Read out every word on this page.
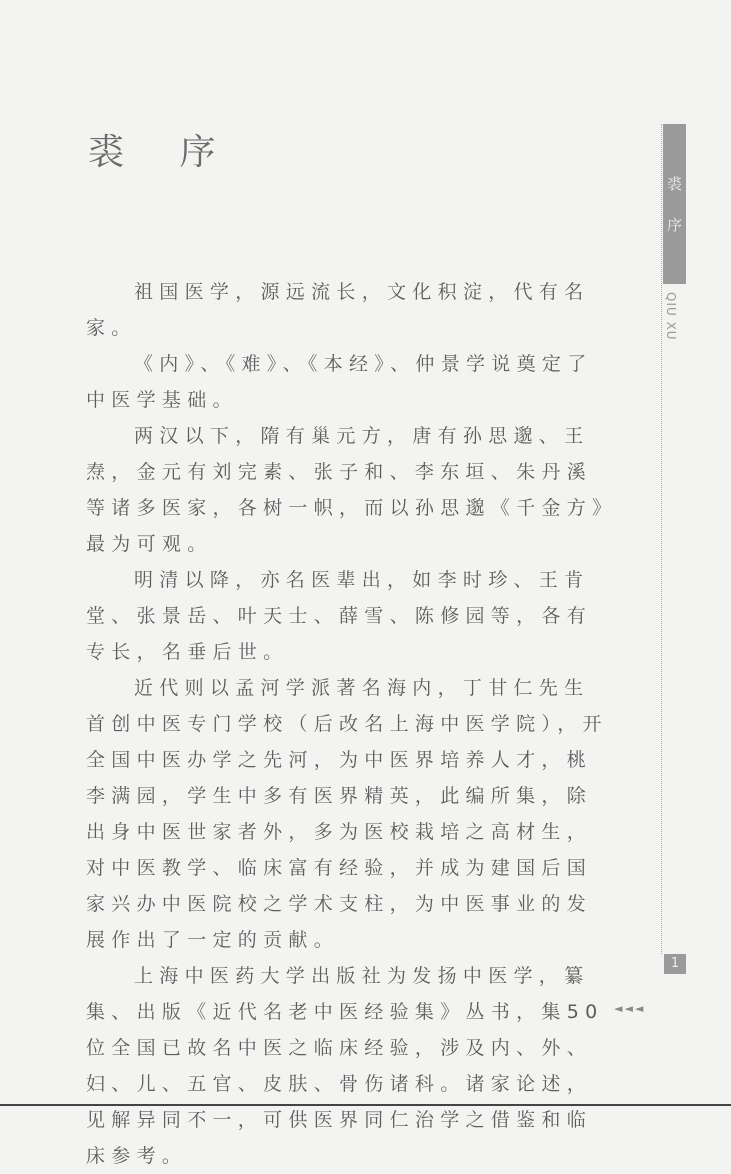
裘 序

祖国医学，源远流长，文化积淀，代有名家。

《内》、《难》、《本经》、仲景学说奠定了中医学基础。

两汉以下，隋有巢元方，唐有孙思邈、王焘，金元有刘完素、张子和、李东垣、朱丹溪等诸多医家，各树一帜，而以孙思邈《千金方》最为可观。

明清以降，亦名医辈出，如李时珍、王肯堂、张景岳、叶天士、薛雪、陈修园等，各有专长，名垂后世。

近代则以孟河学派著名海内，丁甘仁先生首创中医专门学校（后改名上海中医学院），开全国中医办学之先河，为中医界培养人才，桃李满园，学生中多有医界精英，此编所集，除出身中医世家者外，多为医校栽培之高材生，对中医教学、临床富有经验，并成为建国后国家兴办中医院校之学术支柱，为中医事业的发展作出了一定的贡献。

上海中医药大学出版社为发扬中医学，纂集、出版《近代名老中医经验集》丛书，集50位全国已故名中医之临床经验，涉及内、外、妇、儿、五官、皮肤、骨伤诸科。诸家论述，见解异同不一，可供医界同仁治学之借鉴和临床参考。

裘
序
QIU XU
1
◄◄◄
